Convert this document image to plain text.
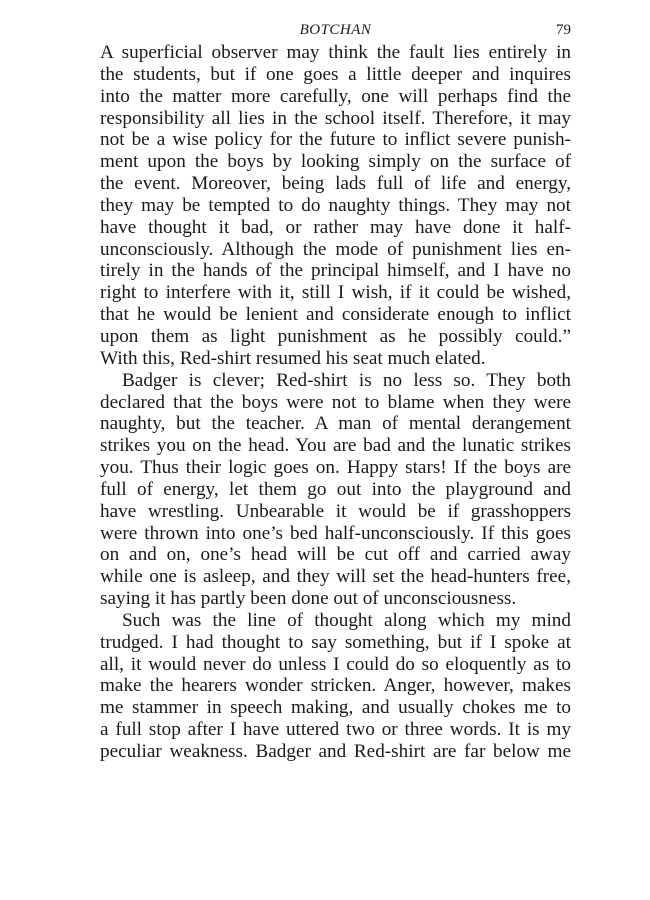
BOTCHAN	79
A superficial observer may think the fault lies entirely in
the students, but if one goes a little deeper and inquires
into the matter more carefully, one will perhaps find the
responsibility all lies in the school itself. Therefore, it may
not be a wise policy for the future to inflict severe punish-
ment upon the boys by looking simply on the surface of
the event. Moreover, being lads full of life and energy,
they may be tempted to do naughty things. They may not
have thought it bad, or rather may have done it half-
unconsciously. Although the mode of punishment lies en-
tirely in the hands of the principal himself, and I have no
right to interfere with it, still I wish, if it could be wished,
that he would be lenient and considerate enough to inflict
upon them as light punishment as he possibly could.”
With this, Red-shirt resumed his seat much elated.
Badger is clever; Red-shirt is no less so. They both
declared that the boys were not to blame when they were
naughty, but the teacher. A man of mental derangement
strikes you on the head. You are bad and the lunatic strikes
you. Thus their logic goes on. Happy stars! If the boys are
full of energy, let them go out into the playground and
have wrestling. Unbearable it would be if grasshoppers
were thrown into one’s bed half-unconsciously. If this goes
on and on, one’s head will be cut off and carried away
while one is asleep, and they will set the head-hunters free,
saying it has partly been done out of unconsciousness.
Such was the line of thought along which my mind
trudged. I had thought to say something, but if I spoke at
all, it would never do unless I could do so eloquently as to
make the hearers wonder stricken. Anger, however, makes
me stammer in speech making, and usually chokes me to
a full stop after I have uttered two or three words. It is my
peculiar weakness. Badger and Red-shirt are far below me
